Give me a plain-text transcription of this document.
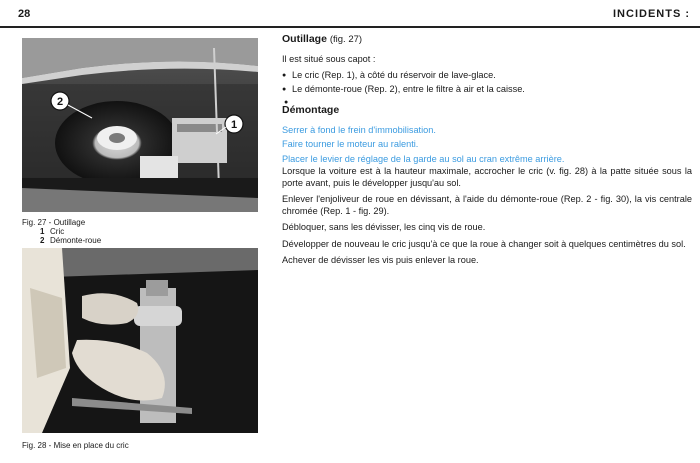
28	INCIDENTS :
2
1
Fig. 27 - Outillage
1 Cric
2 Démonte-roue
Fig. 28 - Mise en place du cric
Outillage (fig. 27)

Il est situé sous capot :

● Le cric (Rep. 1), à côté du réservoir de lave-glace.
● Le démonte-roue (Rep. 2), entre le filtre à air et la caisse.
●
Démontage

Serrer à fond le frein d'immobilisation.

Faire tourner le moteur au ralenti.

Placer le levier de réglage de la garde au sol au cran extrême arrière.

Lorsque la voiture est à la hauteur maximale, accrocher le cric (v. fig. 28) à la patte située sous la porte avant, puis le développer jusqu'au sol.

Enlever l'enjoliveur de roue en dévissant, à l'aide du démonte-roue (Rep. 2 - fig. 30), la vis centrale chromée (Rep. 1 - fig. 29).

Débloquer, sans les dévisser, les cinq vis de roue.

Développer de nouveau le cric jusqu'à ce que la roue à changer soit à quelques centimètres du sol.

Achever de dévisser les vis puis enlever la roue.
